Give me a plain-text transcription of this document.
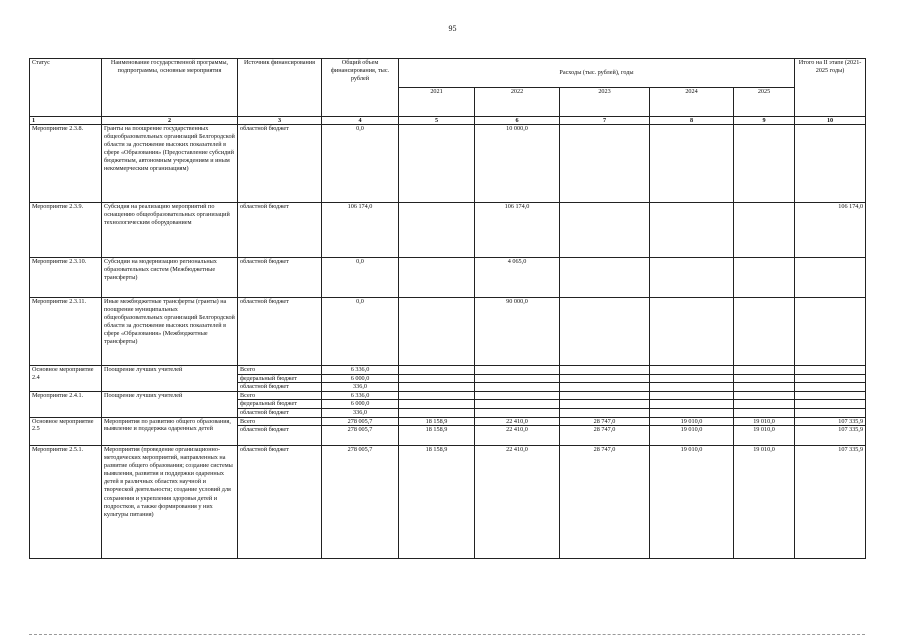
95
Статус	Наименование государственной программы, подпрограммы, основные мероприятия	Источник финансирования	Общий объем финансирования, тыс. рублей	Расходы (тыс. рублей), годы					Итого на II этапе (2021-2025 годы)
				2021	2022	2023	2024	2025	
1	2	3	4	5	6	7	8	9	10
Мероприятие 2.3.8.	Гранты на поощрение государственных общеобразовательных организаций Белгородской области за достижение высоких показателей в сфере «Образования» (Предоставление субсидий бюджетным, автономным учреждениям и иным некоммерческим организациям)	областной бюджет	0,0		10 000,0				
Мероприятие 2.3.9.	Субсидия на реализацию мероприятий по оснащению общеобразовательных организаций технологическим оборудованием	областной бюджет	106 174,0		106 174,0				106 174,0
Мероприятие 2.3.10.	Субсидии на модернизацию региональных образовательных систем (Межбюджетные трансферты)	областной бюджет	0,0		4 065,0				
Мероприятие 2.3.11.	Иные межбюджетные трансферты (гранты) на поощрение муниципальных общеобразовательных организаций Белгородской области за достижение высоких показателей в сфере «Образования» (Межбюджетные трансферты)	областной бюджет	0,0		90 000,0				
Основное мероприятие 2.4	Поощрение лучших учителей	Всего	6 336,0						
		федеральный бюджет	6 000,0						
		областной бюджет	336,0						
Мероприятие 2.4.1.	Поощрение лучших учителей	Всего	6 336,0						
		федеральный бюджет	6 000,0						
		областной бюджет	336,0						
Основное мероприятие 2.5	Мероприятия по развитию общего образования, выявление и поддержка одаренных детей	Всего	278 005,7	18 158,9	22 410,0	28 747,0	19 010,0	19 010,0	107 335,9
		областной бюджет	278 005,7	18 158,9	22 410,0	28 747,0	19 010,0	19 010,0	107 335,9
Мероприятие 2.5.1.	Мероприятия (проведение организационно-методических мероприятий, направленных на развитие общего образования; создание системы выявления, развития и поддержки одаренных детей в различных областях научной и творческой деятельности; создание условий для сохранения и укрепления здоровья детей и подростков, а также формирования у них культуры питания)	областной бюджет	278 005,7	18 158,9	22 410,0	28 747,0	19 010,0	19 010,0	107 335,9
